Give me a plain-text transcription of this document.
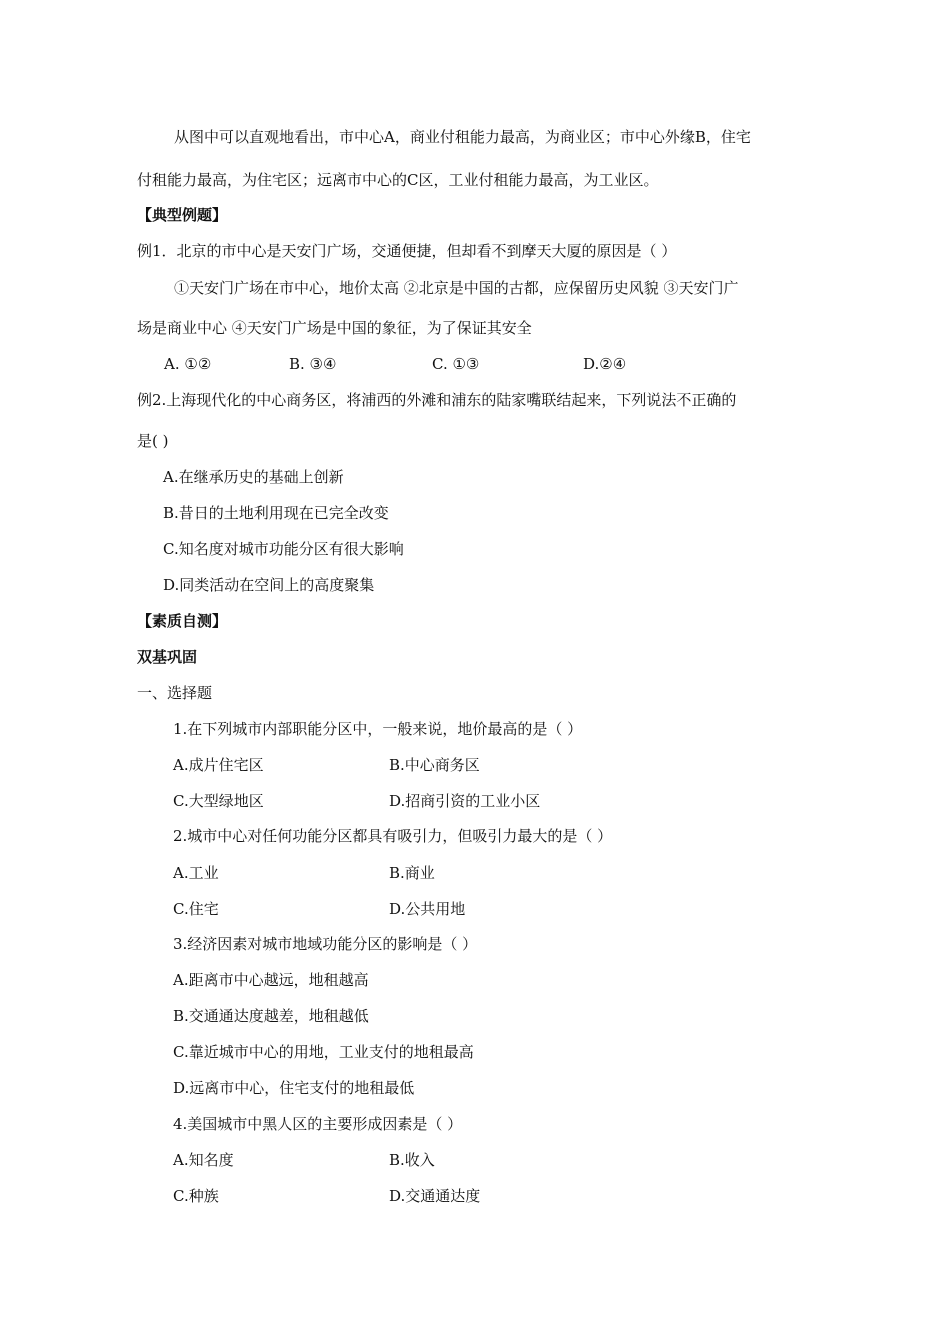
从图中可以直观地看出，市中心A，商业付租能力最高，为商业区；市中心外缘B，住宅
付租能力最高，为住宅区；远离市中心的C区，工业付租能力最高，为工业区。
【典型例题】
例1．北京的市中心是天安门广场，交通便捷，但却看不到摩天大厦的原因是（ ）
①天安门广场在市中心，地价太高 ②北京是中国的古都，应保留历史风貌 ③天安门广
场是商业中心 ④天安门广场是中国的象征，为了保证其安全
A. ①②	B. ③④	C. ①③	D.②④
例2.上海现代化的中心商务区，将浦西的外滩和浦东的陆家嘴联结起来，下列说法不正确的
是( )
A.在继承历史的基础上创新
B.昔日的土地利用现在已完全改变
C.知名度对城市功能分区有很大影响
D.同类活动在空间上的高度聚集
【素质自测】
双基巩固
一、选择题
1.在下列城市内部职能分区中，一般来说，地价最高的是（ ）
A.成片住宅区	B.中心商务区
C.大型绿地区	D.招商引资的工业小区
2.城市中心对任何功能分区都具有吸引力，但吸引力最大的是（ ）
A.工业	B.商业
C.住宅	D.公共用地
3.经济因素对城市地域功能分区的影响是（ ）
A.距离市中心越远，地租越高
B.交通通达度越差，地租越低
C.靠近城市中心的用地，工业支付的地租最高
D.远离市中心，住宅支付的地租最低
4.美国城市中黑人区的主要形成因素是（ ）
A.知名度	B.收入
C.种族	D.交通通达度
